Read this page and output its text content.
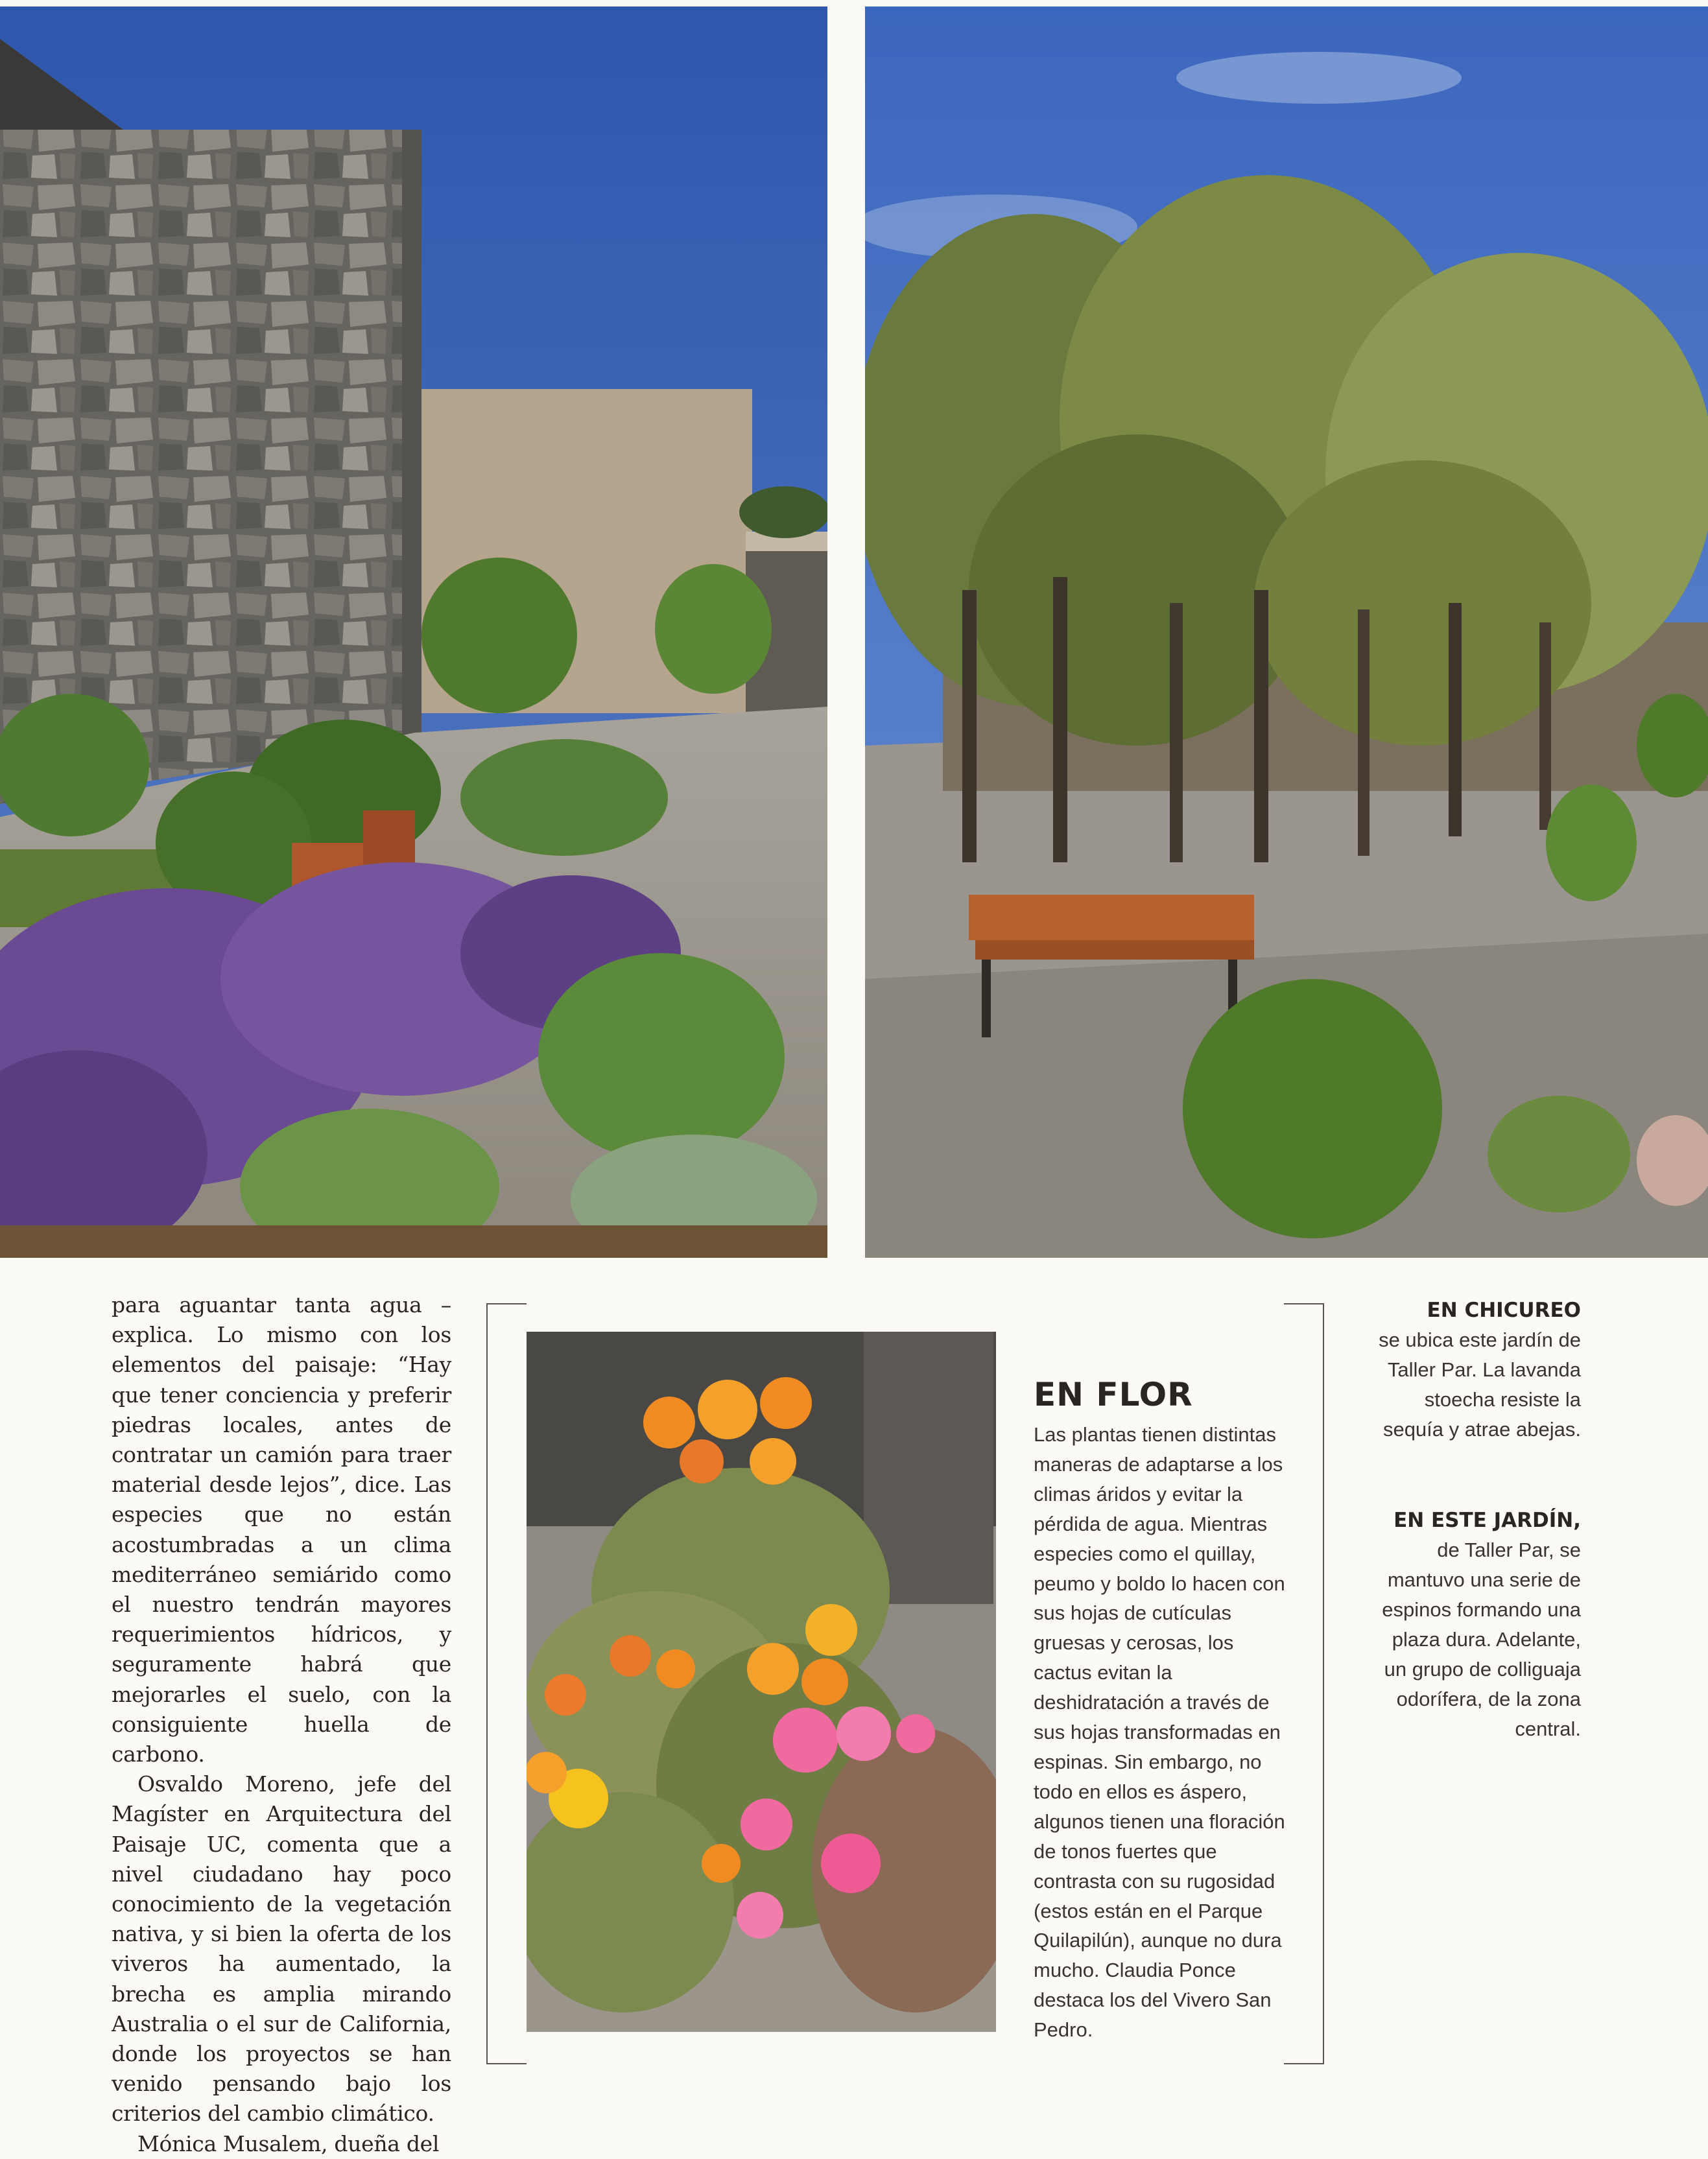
para aguantar tanta agua –explica. Lo mismo con los elementos del paisaje: “Hay que tener conciencia y preferir piedras locales, antes de contratar un camión para traer material desde lejos”, dice. Las especies que no están acostumbradas a un clima mediterráneo semiárido como el nuestro tendrán mayores requerimientos hídricos, y seguramente habrá que mejorarles el suelo, con la consiguiente huella de carbono.

Osvaldo Moreno, jefe del Magíster en Arquitectura del Paisaje UC, comenta que a nivel ciudadano hay poco conocimiento de la vegetación nativa, y si bien la oferta de los viveros ha aumentado, la brecha es amplia mirando Australia o el sur de California, donde los proyectos se han venido pensando bajo los criterios del cambio climático.

Mónica Musalem, dueña del

EN FLOR
Las plantas tienen distintas maneras de adaptarse a los climas áridos y evitar la pérdida de agua. Mientras especies como el quillay, peumo y boldo lo hacen con sus hojas de cutículas gruesas y cerosas, los cactus evitan la deshidratación a través de sus hojas transformadas en espinas. Sin embargo, no todo en ellos es áspero, algunos tienen una floración de tonos fuertes que contrasta con su rugosidad (estos están en el Parque Quilapilún), aunque no dura mucho. Claudia Ponce destaca los del Vivero San Pedro.
EN CHICUREO
se ubica este jardín de Taller Par. La lavanda stoecha resiste la sequía y atrae abejas.
EN ESTE JARDÍN,
de Taller Par, se mantuvo una serie de espinos formando una plaza dura. Adelante, un grupo de colliguaja odorífera, de la zona central.
